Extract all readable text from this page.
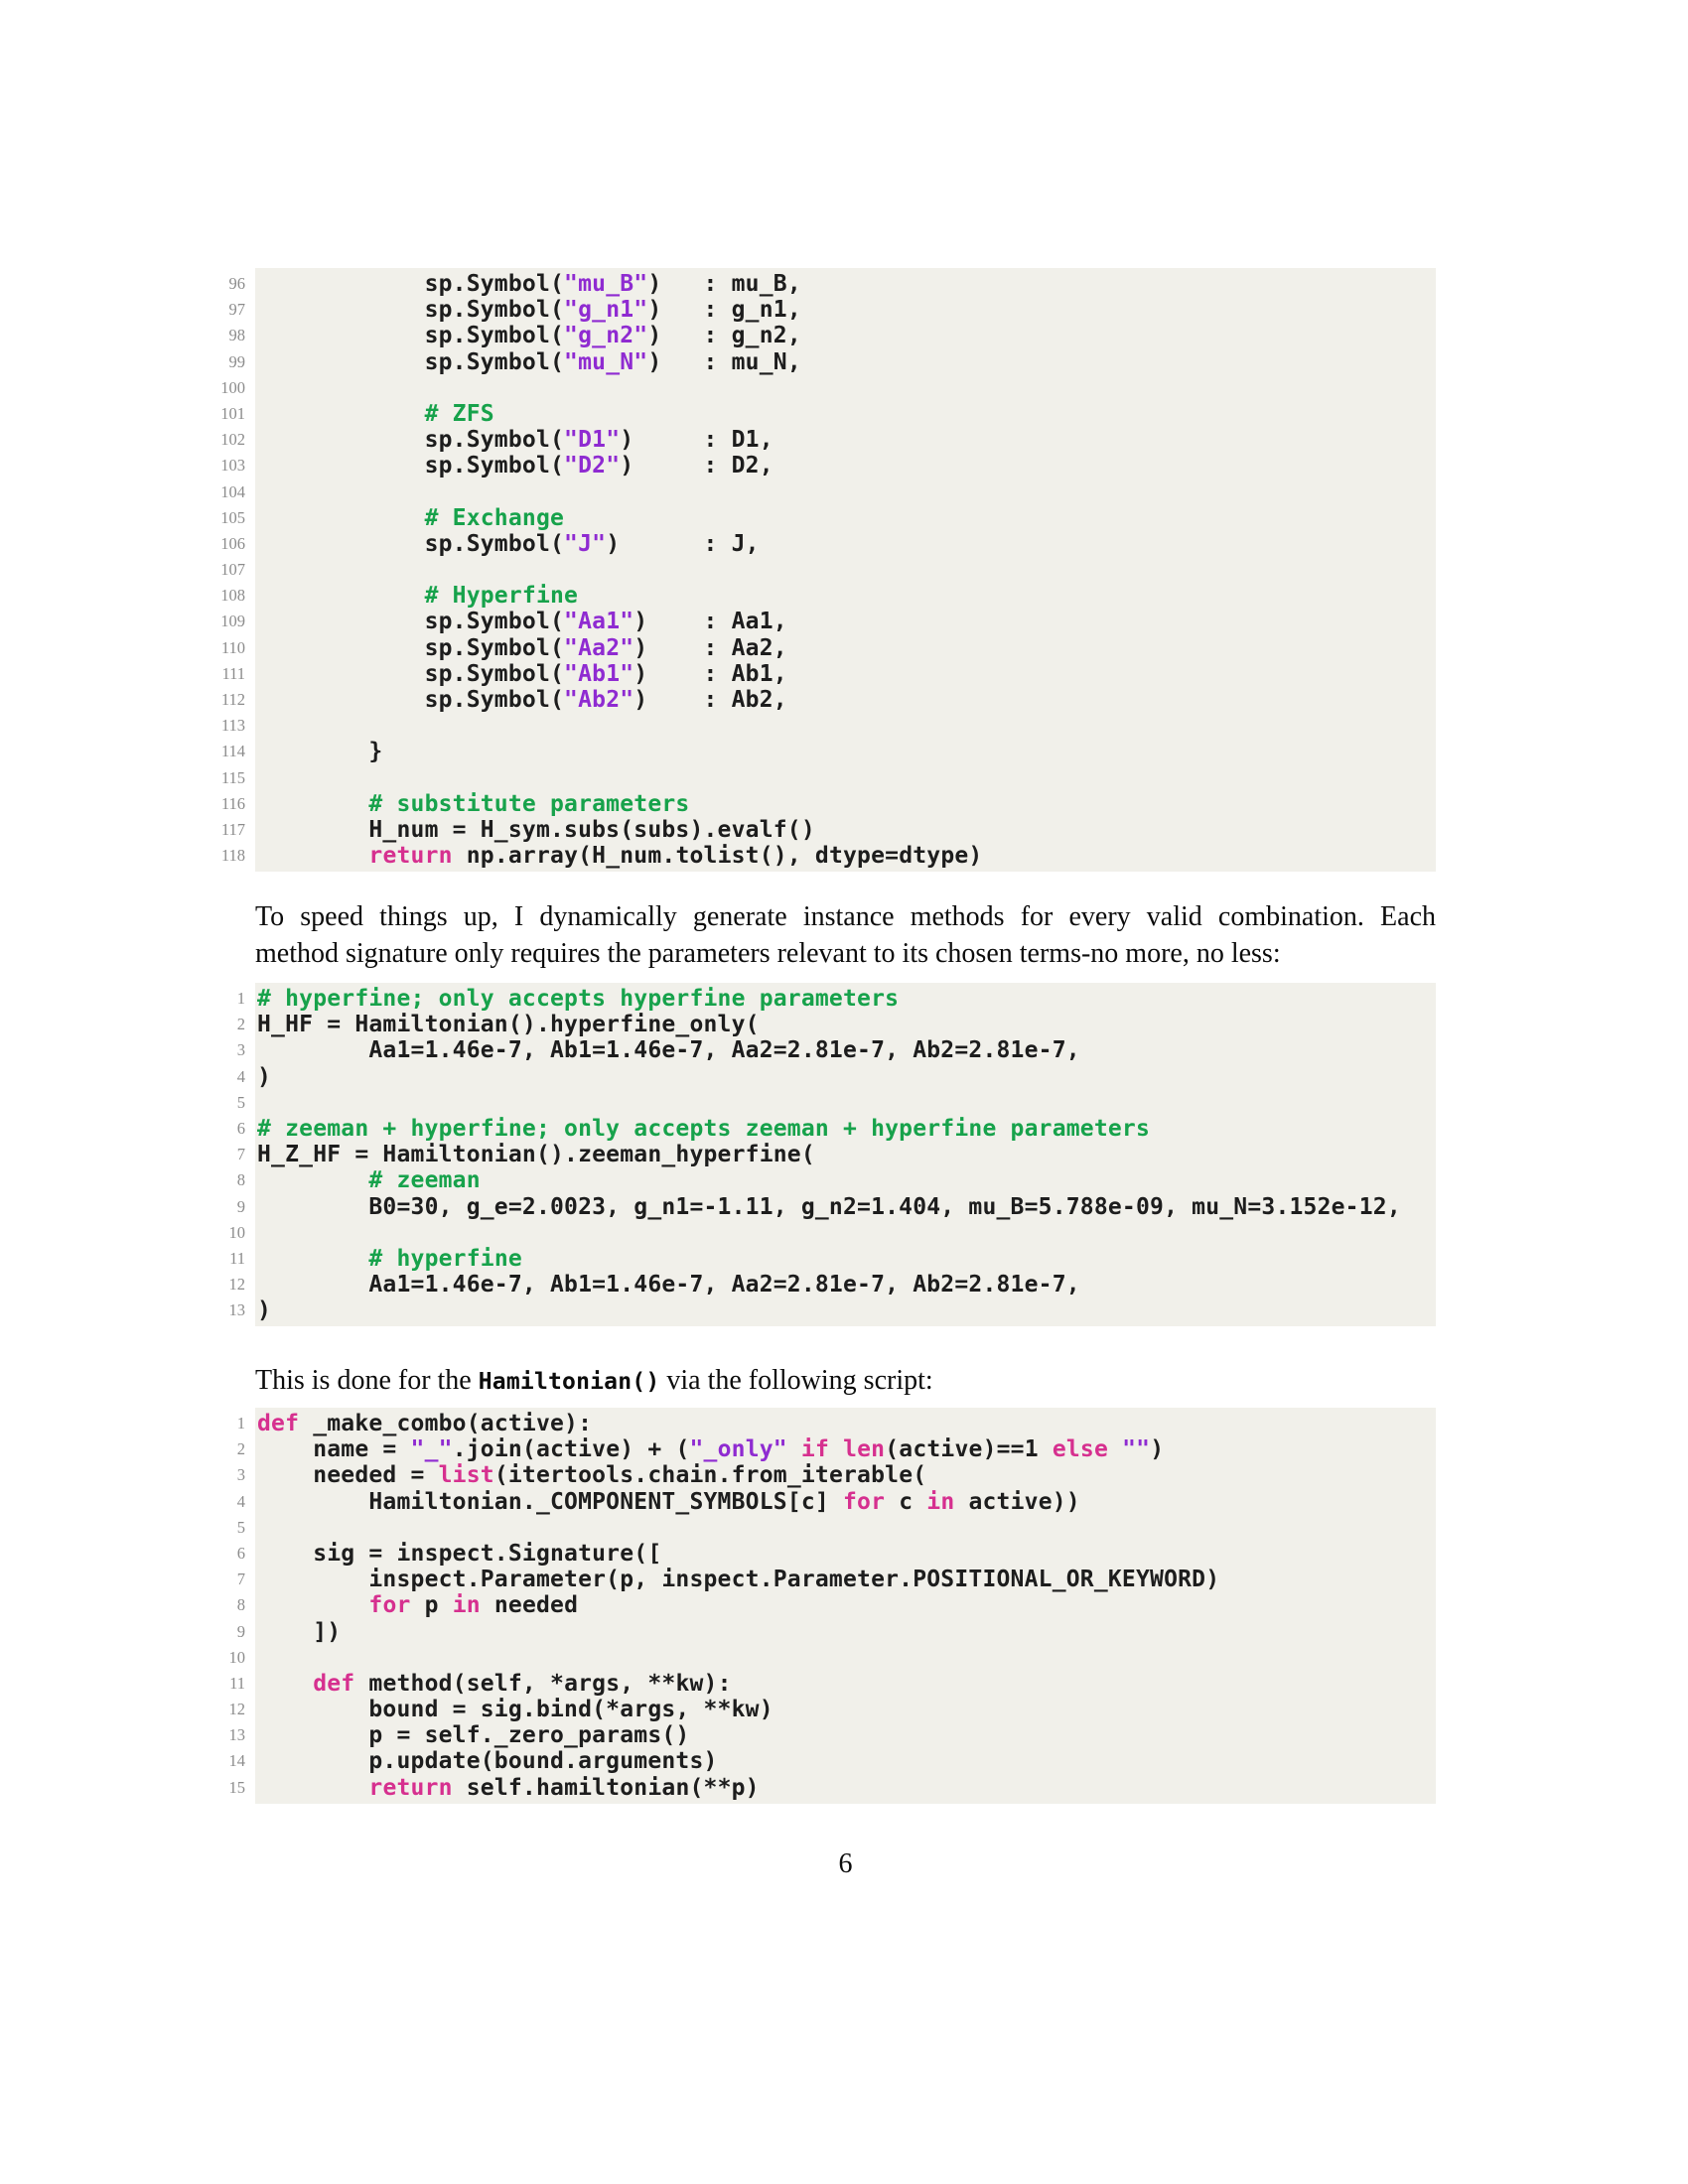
96 sp.Symbol("mu_B")   : mu_B,
97 sp.Symbol("g_n1")   : g_n1,
98 sp.Symbol("g_n2")   : g_n2,
99 sp.Symbol("mu_N")   : mu_N,
100
101 # ZFS
102 sp.Symbol("D1")     : D1,
103 sp.Symbol("D2")     : D2,
104
105 # Exchange
106 sp.Symbol("J")      : J,
107
108 # Hyperfine
109 sp.Symbol("Aa1")    : Aa1,
110 sp.Symbol("Aa2")    : Aa2,
111 sp.Symbol("Ab1")    : Ab1,
112 sp.Symbol("Ab2")    : Ab2,
113
114 }
115
116 # substitute parameters
117 H_num = H_sym.subs(subs).evalf()
118	return np.array(H_num.tolist(), dtype=dtype)

To speed things up, I dynamically generate instance methods for every valid combination. Each
method signature only requires the parameters relevant to its chosen terms-no more, no less:

1 # hyperfine; only accepts hyperfine parameters
2 H_HF = Hamiltonian().hyperfine_only(
3 Aa1=1.46e-7, Ab1=1.46e-7, Aa2=2.81e-7, Ab2=2.81e-7,
4 )
5
6 # zeeman + hyperfine; only accepts zeeman + hyperfine parameters
7 H_Z_HF = Hamiltonian().zeeman_hyperfine(
8	# zeeman
9 B0=30, g_e=2.0023, g_n1=-1.11, g_n2=1.404, mu_B=5.788e-09, mu_N=3.152e-12,
10
11	# hyperfine
12 Aa1=1.46e-7, Ab1=1.46e-7, Aa2=2.81e-7, Ab2=2.81e-7,
13 )

This is done for the Hamiltonian() via the following script:

1 def _make_combo(active):
2 name = "_".join(active) + ("_only" if len(active)==1 else "")
3 needed = list(itertools.chain.from_iterable(
4 Hamiltonian._COMPONENT_SYMBOLS[c] for c in active))
5
6 sig = inspect.Signature([
7 inspect.Parameter(p, inspect.Parameter.POSITIONAL_OR_KEYWORD)
8	for p in needed
9 ])
10
11	def method(self, *args, **kw):
12 bound = sig.bind(*args, **kw)
13 p = self._zero_params()
14 p.update(bound.arguments)
15	return self.hamiltonian(**p)
6
